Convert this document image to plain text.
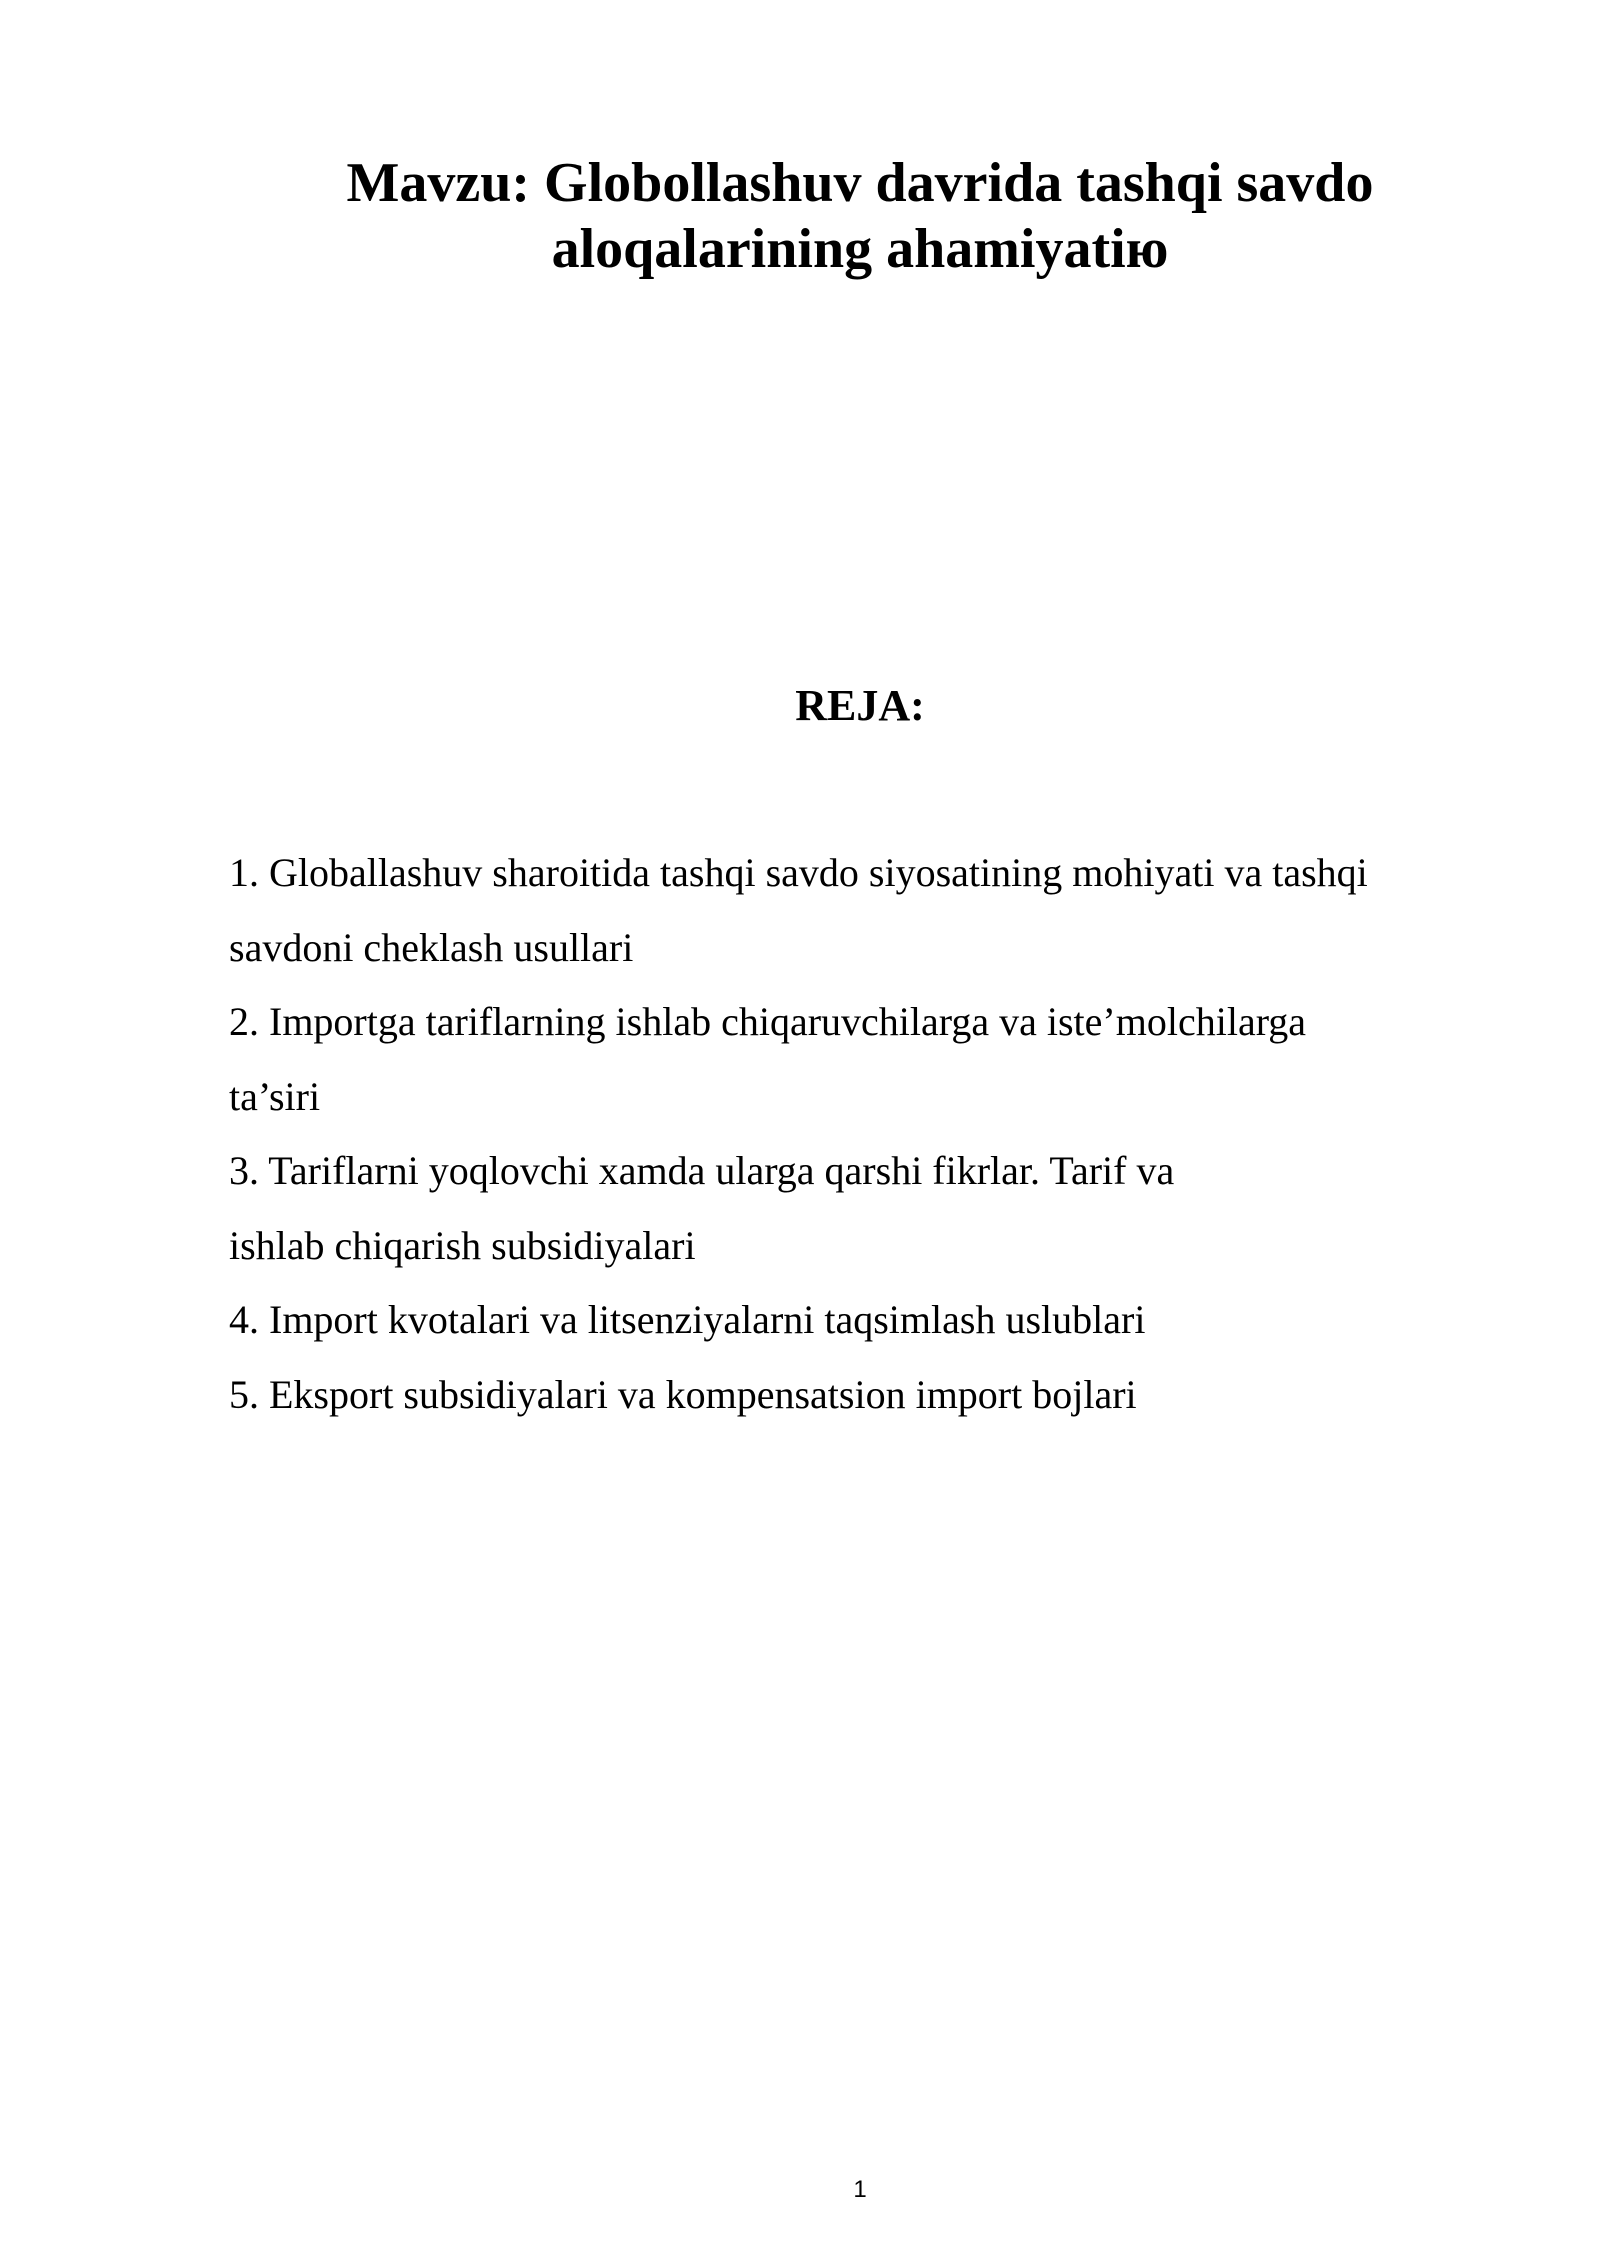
Mavzu: Globollashuv davrida tashqi savdo
aloqalarining ahamiyatiю
REJA:
1. Globallashuv sharoitida tashqi savdo siyosatining mohiyati va tashqi
savdoni cheklash usullari
2. Importga tariflarning ishlab chiqaruvchilarga va iste’molchilarga
ta’siri
3. Tariflarni yoqlovchi xamda ularga qarshi fikrlar. Tarif va
ishlab chiqarish subsidiyalari
4. Import kvotalari va litsenziyalarni taqsimlash uslublari
5. Eksport subsidiyalari va kompensatsion import bojlari
1
